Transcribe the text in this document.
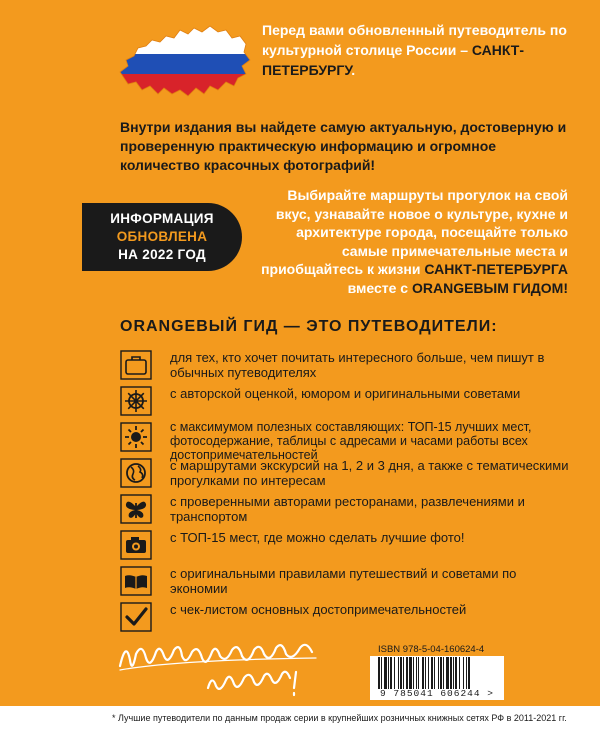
Перед вами обновленный путеводитель по культурной столице России – САНКТ-ПЕТЕРБУРГУ.

Внутри издания вы найдете самую актуальную, достоверную и проверенную практическую информацию и огромное количество красочных фотографий!

ИНФОРМАЦИЯ
ОБНОВЛЕНА
НА 2022 ГОД

Выбирайте маршруты прогулок на свой вкус, узнавайте новое о культуре, кухне и архитектуре города, посещайте только самые примечательные места и приобщайтесь к жизни САНКТ-ПЕТЕРБУРГА вместе с ORANGEВЫМ ГИДОМ!

ORANGEВЫЙ ГИД — ЭТО ПУТЕВОДИТЕЛИ:
для тех, кто хочет почитать интересного больше, чем пишут в обычных путеводителях
с авторской оценкой, юмором и оригинальными советами
с максимумом полезных составляющих: ТОП-15 лучших мест, фотосодержание, таблицы с адресами и часами работы всех достопримечательностей
с маршрутами экскурсий на 1, 2 и 3 дня, а также с тематическими прогулками по интересам
с проверенными авторами ресторанами, развлечениями и транспортом
с ТОП-15 мест, где можно сделать лучшие фото!
с оригинальными правилами путешествий и советами по экономии
с чек-листом основных достопримечательностей
ISBN 978-5-04-160624-4
9 785041 606244 >

* Лучшие путеводители по данным продаж серии в крупнейших розничных книжных сетях РФ в 2011-2021 гг.
